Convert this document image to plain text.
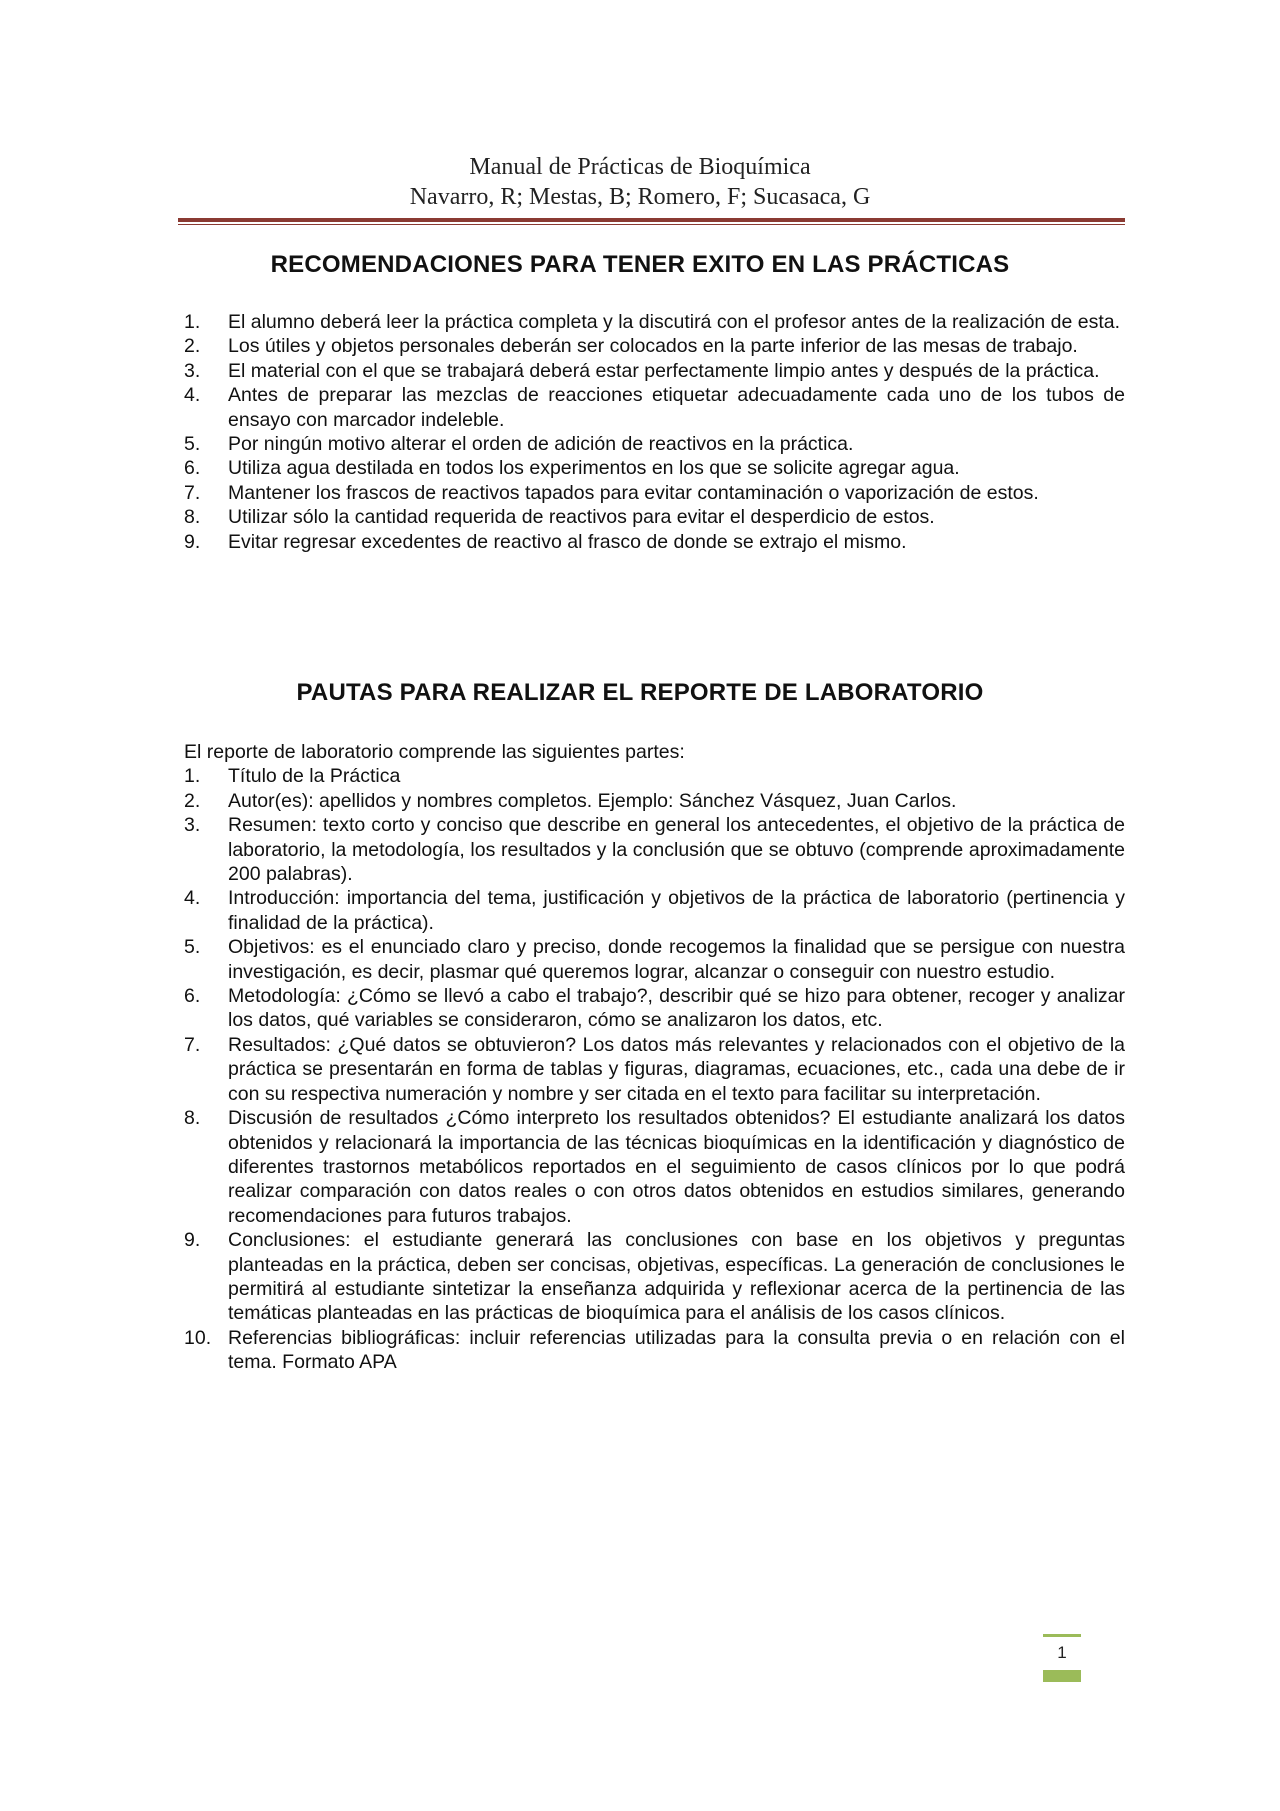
Manual de Prácticas de Bioquímica
Navarro, R; Mestas, B; Romero, F; Sucasaca, G
RECOMENDACIONES PARA TENER EXITO EN LAS PRÁCTICAS
1. El alumno deberá leer la práctica completa y la discutirá con el profesor antes de la realización de esta.
2. Los útiles y objetos personales deberán ser colocados en la parte inferior de las mesas de trabajo.
3. El material con el que se trabajará deberá estar perfectamente limpio antes y después de la práctica.
4. Antes de preparar las mezclas de reacciones etiquetar adecuadamente cada uno de los tubos de ensayo con marcador indeleble.
5. Por ningún motivo alterar el orden de adición de reactivos en la práctica.
6. Utiliza agua destilada en todos los experimentos en los que se solicite agregar agua.
7. Mantener los frascos de reactivos tapados para evitar contaminación o vaporización de estos.
8. Utilizar sólo la cantidad requerida de reactivos para evitar el desperdicio de estos.
9. Evitar regresar excedentes de reactivo al frasco de donde se extrajo el mismo.
PAUTAS PARA REALIZAR EL REPORTE DE LABORATORIO

El reporte de laboratorio comprende las siguientes partes:

1. Título de la Práctica
2. Autor(es): apellidos y nombres completos. Ejemplo: Sánchez Vásquez, Juan Carlos.
3. Resumen: texto corto y conciso que describe en general los antecedentes, el objetivo de la práctica de laboratorio, la metodología, los resultados y la conclusión que se obtuvo (comprende aproximadamente 200 palabras).
4. Introducción: importancia del tema, justificación y objetivos de la práctica de laboratorio (pertinencia y finalidad de la práctica).
5. Objetivos: es el enunciado claro y preciso, donde recogemos la finalidad que se persigue con nuestra investigación, es decir, plasmar qué queremos lograr, alcanzar o conseguir con nuestro estudio.
6. Metodología: ¿Cómo se llevó a cabo el trabajo?, describir qué se hizo para obtener, recoger y analizar los datos, qué variables se consideraron, cómo se analizaron los datos, etc.
7. Resultados: ¿Qué datos se obtuvieron? Los datos más relevantes y relacionados con el objetivo de la práctica se presentarán en forma de tablas y figuras, diagramas, ecuaciones, etc., cada una debe de ir con su respectiva numeración y nombre y ser citada en el texto para facilitar su interpretación.
8. Discusión de resultados ¿Cómo interpreto los resultados obtenidos? El estudiante analizará los datos obtenidos y relacionará la importancia de las técnicas bioquímicas en la identificación y diagnóstico de diferentes trastornos metabólicos reportados en el seguimiento de casos clínicos por lo que podrá realizar comparación con datos reales o con otros datos obtenidos en estudios similares, generando recomendaciones para futuros trabajos.
9. Conclusiones: el estudiante generará las conclusiones con base en los objetivos y preguntas planteadas en la práctica, deben ser concisas, objetivas, específicas. La generación de conclusiones le permitirá al estudiante sintetizar la enseñanza adquirida y reflexionar acerca de la pertinencia de las temáticas planteadas en las prácticas de bioquímica para el análisis de los casos clínicos.
10. Referencias bibliográficas: incluir referencias utilizadas para la consulta previa o en relación con el tema. Formato APA
1
